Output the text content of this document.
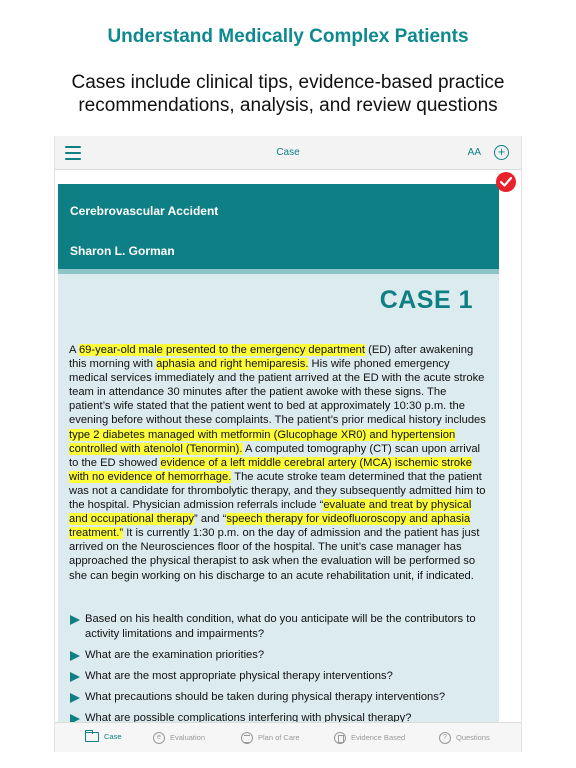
Understand Medically Complex Patients
Cases include clinical tips, evidence-based practice recommendations, analysis, and review questions
Case	AA +
Cerebrovascular Accident
Sharon L. Gorman
CASE 1

A 69-year-old male presented to the emergency department (ED) after awakening this morning with aphasia and right hemiparesis. His wife phoned emergency medical services immediately and the patient arrived at the ED with the acute stroke team in attendance 30 minutes after the patient awoke with these signs. The patient’s wife stated that the patient went to bed at approximately 10:30 p.m. the evening before without these complaints. The patient’s prior medical history includes type 2 diabetes managed with metformin (Glucophage XR0) and hypertension controlled with atenolol (Tenormin). A computed tomography (CT) scan upon arrival to the ED showed evidence of a left middle cerebral artery (MCA) ischemic stroke with no evidence of hemorrhage. The acute stroke team determined that the patient was not a candidate for thrombolytic therapy, and they subsequently admitted him to the hospital. Physician admission referrals include “evaluate and treat by physical and occupational therapy” and “speech therapy for videofluoroscopy and aphasia treatment.” It is currently 1:30 p.m. on the day of admission and the patient has just arrived on the Neurosciences floor of the hospital. The unit’s case manager has approached the physical therapist to ask when the evaluation will be performed so she can begin working on his discharge to an acute rehabilitation unit, if indicated.

Based on his health condition, what do you anticipate will be the contributors to activity limitations and impairments?
What are the examination priorities?
What are the most appropriate physical therapy interventions?
What precautions should be taken during physical therapy interventions?
What are possible complications interfering with physical therapy?
Case	e Evaluation	Plan of Care	Evidence Based	? Questions
